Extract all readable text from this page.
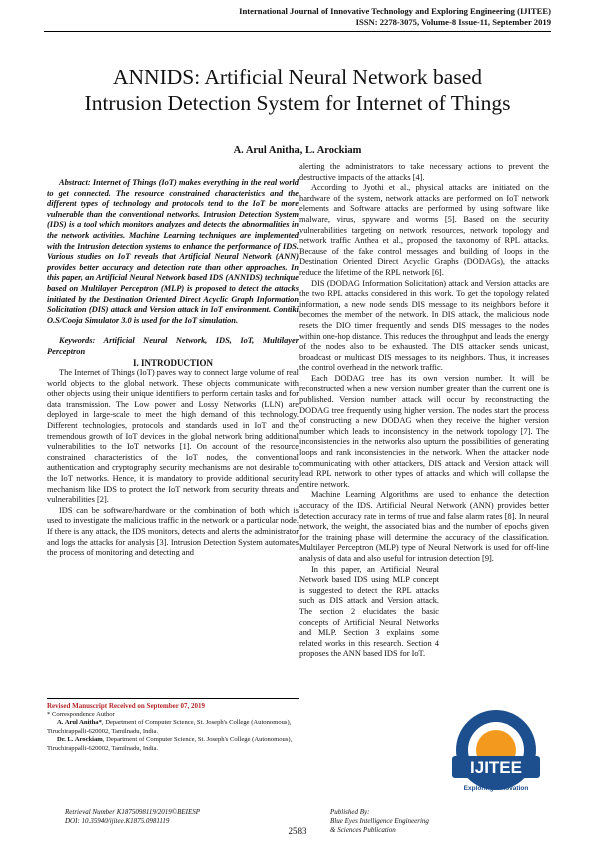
International Journal of Innovative Technology and Exploring Engineering (IJITEE)
ISSN: 2278-3075, Volume-8 Issue-11, September 2019
ANNIDS: Artificial Neural Network based
Intrusion Detection System for Internet of Things
A. Arul Anitha, L. Arockiam

Abstract: Internet of Things (IoT) makes everything in the real world to get connected. The resource constrained characteristics and the different types of technology and protocols tend to the IoT be more vulnerable than the conventional networks. Intrusion Detection System (IDS) is a tool which monitors analyzes and detects the abnormalities in the network activities. Machine Learning techniques are implemented with the Intrusion detection systems to enhance the performance of IDS. Various studies on IoT reveals that Artificial Neural Network (ANN) provides better accuracy and detection rate than other approaches. In this paper, an Artificial Neural Network based IDS (ANNIDS) technique based on Multilayer Perceptron (MLP) is proposed to detect the attacks initiated by the Destination Oriented Direct Acyclic Graph Information Solicitation (DIS) attack and Version attack in IoT environment. Contiki O.S/Cooja Simulator 3.0 is used for the IoT simulation.

Keywords: Artificial Neural Network, IDS, IoT, Multilayer Perceptron

I. INTRODUCTION

The Internet of Things (IoT) paves way to connect large volume of real world objects to the global network. These objects communicate with other objects using their unique identifiers to perform certain tasks and for data transmission. The Low power and Lossy Networks (LLN) are deployed in large-scale to meet the high demand of this technology. Different technologies, protocols and standards used in IoT and the tremendous growth of IoT devices in the global network bring additional vulnerabilities to the IoT networks [1]. On account of the resource constrained characteristics of the IoT nodes, the conventional authentication and cryptography security mechanisms are not desirable to the IoT networks. Hence, it is mandatory to provide additional security mechanism like IDS to protect the IoT network from security threats and vulnerabilities [2].

IDS can be software/hardware or the combination of both which is used to investigate the malicious traffic in the network or a particular node. If there is any attack, the IDS monitors, detects and alerts the administrator and logs the attacks for analysis [3]. Intrusion Detection System automates the process of monitoring and detecting and

Revised Manuscript Received on September 07, 2019

* Correspondence Author

A. Arul Anitha*, Department of Computer Science, St. Joseph's College (Autonomous), Tiruchirappalli-620002, Tamilnadu, India.

Dr. L. Arockiam, Department of Computer Science, St. Joseph's College (Autonomous), Tiruchirappalli-620002, Tamilnadu, India.

alerting the administrators to take necessary actions to prevent the destructive impacts of the attacks [4].

According to Jyothi et al., physical attacks are initiated on the hardware of the system, network attacks are performed on IoT network elements and Software attacks are performed by using software like malware, virus, spyware and worms [5]. Based on the security vulnerabilities targeting on network resources, network topology and network traffic Anthea et al., proposed the taxonomy of RPL attacks. Because of the fake control messages and building of loops in the Destination Oriented Direct Acyclic Graphs (DODAGs), the attacks reduce the lifetime of the RPL network [6].

DIS (DODAG Information Solicitation) attack and Version attacks are the two RPL attacks considered in this work. To get the topology related information, a new node sends DIS message to its neighbors before it becomes the member of the network. In DIS attack, the malicious node resets the DIO timer frequently and sends DIS messages to the nodes within one-hop distance. This reduces the throughput and leads the energy of the nodes also to be exhausted. The DIS attacker sends unicast, broadcast or multicast DIS messages to its neighbors. Thus, it increases the control overhead in the network traffic.

Each DODAG tree has its own version number. It will be reconstructed when a new version number greater than the current one is published. Version number attack will occur by reconstructing the DODAG tree frequently using higher version. The nodes start the process of constructing a new DODAG when they receive the higher version number which leads to inconsistency in the network topology [7]. The inconsistencies in the networks also upturn the possibilities of generating loops and rank inconsistencies in the network. When the attacker node communicating with other attackers, DIS attack and Version attack will lead RPL network to other types of attacks and which will collapse the entire network.

Machine Learning Algorithms are used to enhance the detection accuracy of the IDS. Artificial Neural Network (ANN) provides better detection accuracy rate in terms of true and false alarm rates [8]. In neural network, the weight, the associated bias and the number of epochs given for the training phase will determine the accuracy of the classification. Multilayer Perceptron (MLP) type of Neural Network is used for off-line analysis of data and also useful for intrusion detection [9].

In this paper, an Artificial Neural Network based IDS using MLP concept is suggested to detect the RPL attacks such as DIS attack and Version attack. The section 2 elucidates the basic concepts of Artificial Neural Networks and MLP. Section 3 explains some related works in this research. Section 4 proposes the ANN based IDS for IoT.

IJITEE
Exploring Innovation
Retrieval Number K1875098119/2019©BEIESP
DOI: 10.35940/ijitee.K1875.0981119
Published By:
Blue Eyes Intelligence Engineering
& Sciences Publication
2583
